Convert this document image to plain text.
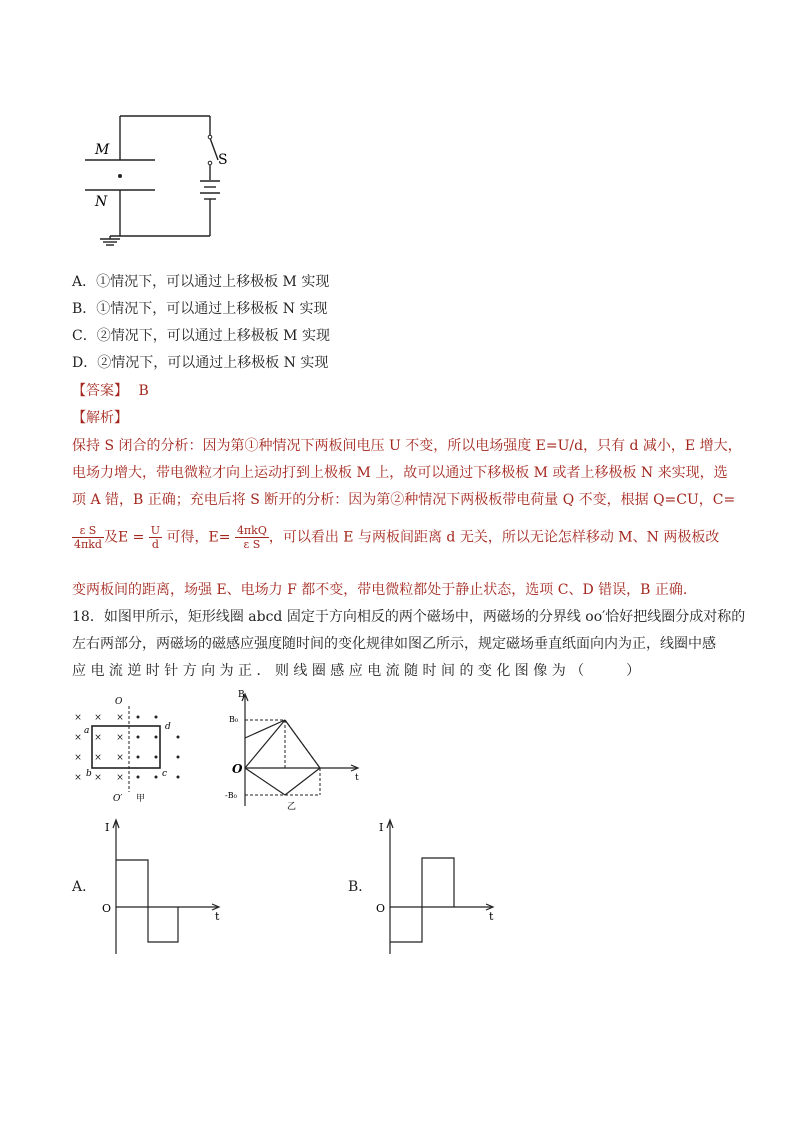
M
N
S
A．①情况下，可以通过上移极板 M 实现
B．①情况下，可以通过上移极板 N 实现
C．②情况下，可以通过上移极板 M 实现
D．②情况下，可以通过上移极板 N 实现
【答案】 B
【解析】
保持 S 闭合的分析：因为第①种情况下两板间电压 U 不变，所以电场强度 E=U/d，只有 d 减小，E 增大，
电场力增大，带电微粒才向上运动打到上极板 M 上，故可以通过下移极板 M 或者上移极板 N 来实现，选
项 A 错，B 正确；充电后将 S 断开的分析：因为第②种情况下两极板带电荷量 Q 不变，根据 Q=CU，C=
$\frac{\text{ε S}}{\text{4πkd}}$ 及$E = \frac{U}{d}$ 可得，$E= \frac{\text{4πkQ}}{\text{ε S}}$ ，可以看出 E 与两板间距离 d 无关，所以无论怎样移动 M、N 两极板改
变两板间的距离，场强 E、电场力 F 都不变，带电微粒都处于静止状态，选项 C、D 错误，B 正确.
18．如图甲所示，矩形线圈 abcd 固定于方向相反的两个磁场中，两磁场的分界线 oo′恰好把线圈分成对称的
左右两部分，两磁场的磁感应强度随时间的变化规律如图乙所示，规定磁场垂直纸面向内为正，线圈中感
应 电 流 逆 时 针 方 向 为 正 ． 则 线 圈 感 应 电 流 随 时 间 的 变 化 图 像 为 （　　　）
× × ×
× × ×
× × ×
× × ×
O
O′
a
b	c
d
甲
B
t
O
B₀
-B₀
乙
A．
I
t
O
B．
I
t
O
